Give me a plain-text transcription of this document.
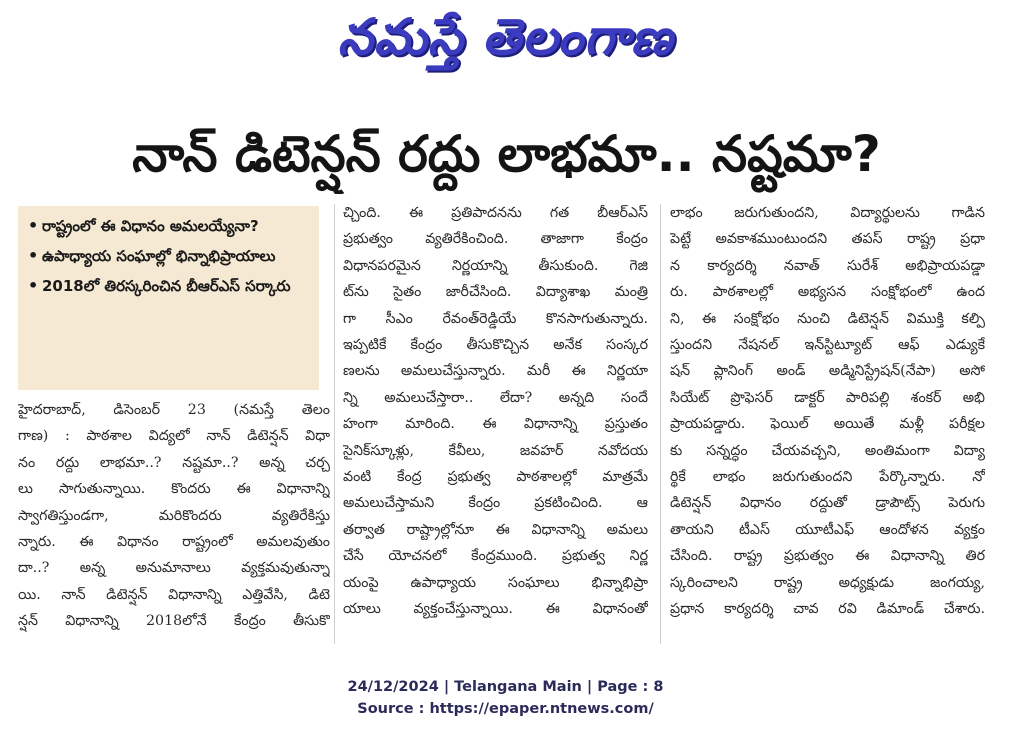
నమస్తే తెలంగాణ
నాన్ డిటెన్షన్ రద్దు లాభమా.. నష్టమా?
• రాష్ట్రంలో ఈ విధానం అమలయ్యేనా?
• ఉపాధ్యాయ సంఘాల్లో భిన్నాభిప్రాయాలు
• 2018లో తిరస్కరించిన బీఆర్ఎస్ సర్కారు
హైదరాబాద్, డిసెంబర్ 23 (నమస్తే తెలం
గాణ) : పాఠశాల విద్యలో నాన్ డిటెన్షన్ విధా
నం రద్దు లాభమా..? నష్టమా..? అన్న చర్చ
లు సాగుతున్నాయి. కొందరు ఈ విధానాన్ని
స్వాగతిస్తుండగా, మరికొందరు వ్యతిరేకిస్తు
న్నారు. ఈ విధానం రాష్ట్రంలో అమలవుతుం
దా..? అన్న అనుమానాలు వ్యక్తమవుతున్నా
యి. నాన్ డిటెన్షన్ విధానాన్ని ఎత్తివేసి, డిటె
న్షన్ విధానాన్ని 2018లోనే కేంద్రం తీసుకొ
చ్చింది. ఈ ప్రతిపాదనను గత బీఆర్ఎస్
ప్రభుత్వం వ్యతిరేకించింది. తాజాగా కేంద్రం
విధానపరమైన నిర్ణయాన్ని తీసుకుంది. గెజి
ట్‌ను సైతం జారీచేసింది. విద్యాశాఖ మంత్రి
గా సీఎం రేవంత్‌రెడ్డియే కొనసాగుతున్నారు.
ఇప్పటికే కేంద్రం తీసుకొచ్చిన అనేక సంస్కర
ణలను అమలుచేస్తున్నారు. మరీ ఈ నిర్ణయా
న్ని అమలుచేస్తారా.. లేదా? అన్నది సందే
హంగా మారింది. ఈ విధానాన్ని ప్రస్తుతం
సైనిక్‌స్కూళ్లు, కేవీలు, జవహర్ నవోదయ
వంటి కేంద్ర ప్రభుత్వ పాఠశాలల్లో మాత్రమే
అమలుచేస్తామని కేంద్రం ప్రకటించింది. ఆ
తర్వాత రాష్ట్రాల్లోనూ ఈ విధానాన్ని అమలు
చేసే యోచనలో కేంద్రముంది. ప్రభుత్వ నిర్ణ
యంపై ఉపాధ్యాయ సంఘాలు భిన్నాభిప్రా
యాలు వ్యక్తంచేస్తున్నాయి. ఈ విధానంతో
లాభం జరుగుతుందని, విద్యార్థులను గాడిన
పెట్టే అవకాశముంటుందని తపస్ రాష్ట్ర ప్రధా
న కార్యదర్శి నవాత్ సురేశ్ అభిప్రాయపడ్డా
రు. పాఠశాలల్లో అభ్యసన సంక్షోభంలో ఉంద
ని, ఈ సంక్షోభం నుంచి డిటెన్షన్ విముక్తి కల్పి
స్తుందని నేషనల్ ఇన్‌స్టిట్యూట్ ఆఫ్ ఎడ్యుకే
షన్ ప్లానింగ్ అండ్ అడ్మినిస్ట్రేషన్(నేపా) అసో
సియేట్ ప్రొఫెసర్ డాక్టర్ పారిపల్లి శంకర్ అభి
ప్రాయపడ్డారు. ఫెయిల్ అయితే మళ్లీ పరీక్షల
కు సన్నద్ధం చేయవచ్చని, అంతిమంగా విద్యా
ర్థికే లాభం జరుగుతుందని పేర్కొన్నారు. నో
డిటెన్షన్ విధానం రద్దుతో డ్రాపౌట్స్ పెరుగు
తాయని టీఎస్ యూటీఎఫ్ ఆందోళన వ్యక్తం
చేసింది. రాష్ట్ర ప్రభుత్వం ఈ విధానాన్ని తిర
స్కరించాలని రాష్ట్ర అధ్యక్షుడు జంగయ్య,
ప్రధాన కార్యదర్శి చావ రవి డిమాండ్ చేశారు.
24/12/2024 | Telangana Main | Page : 8
Source : https://epaper.ntnews.com/
